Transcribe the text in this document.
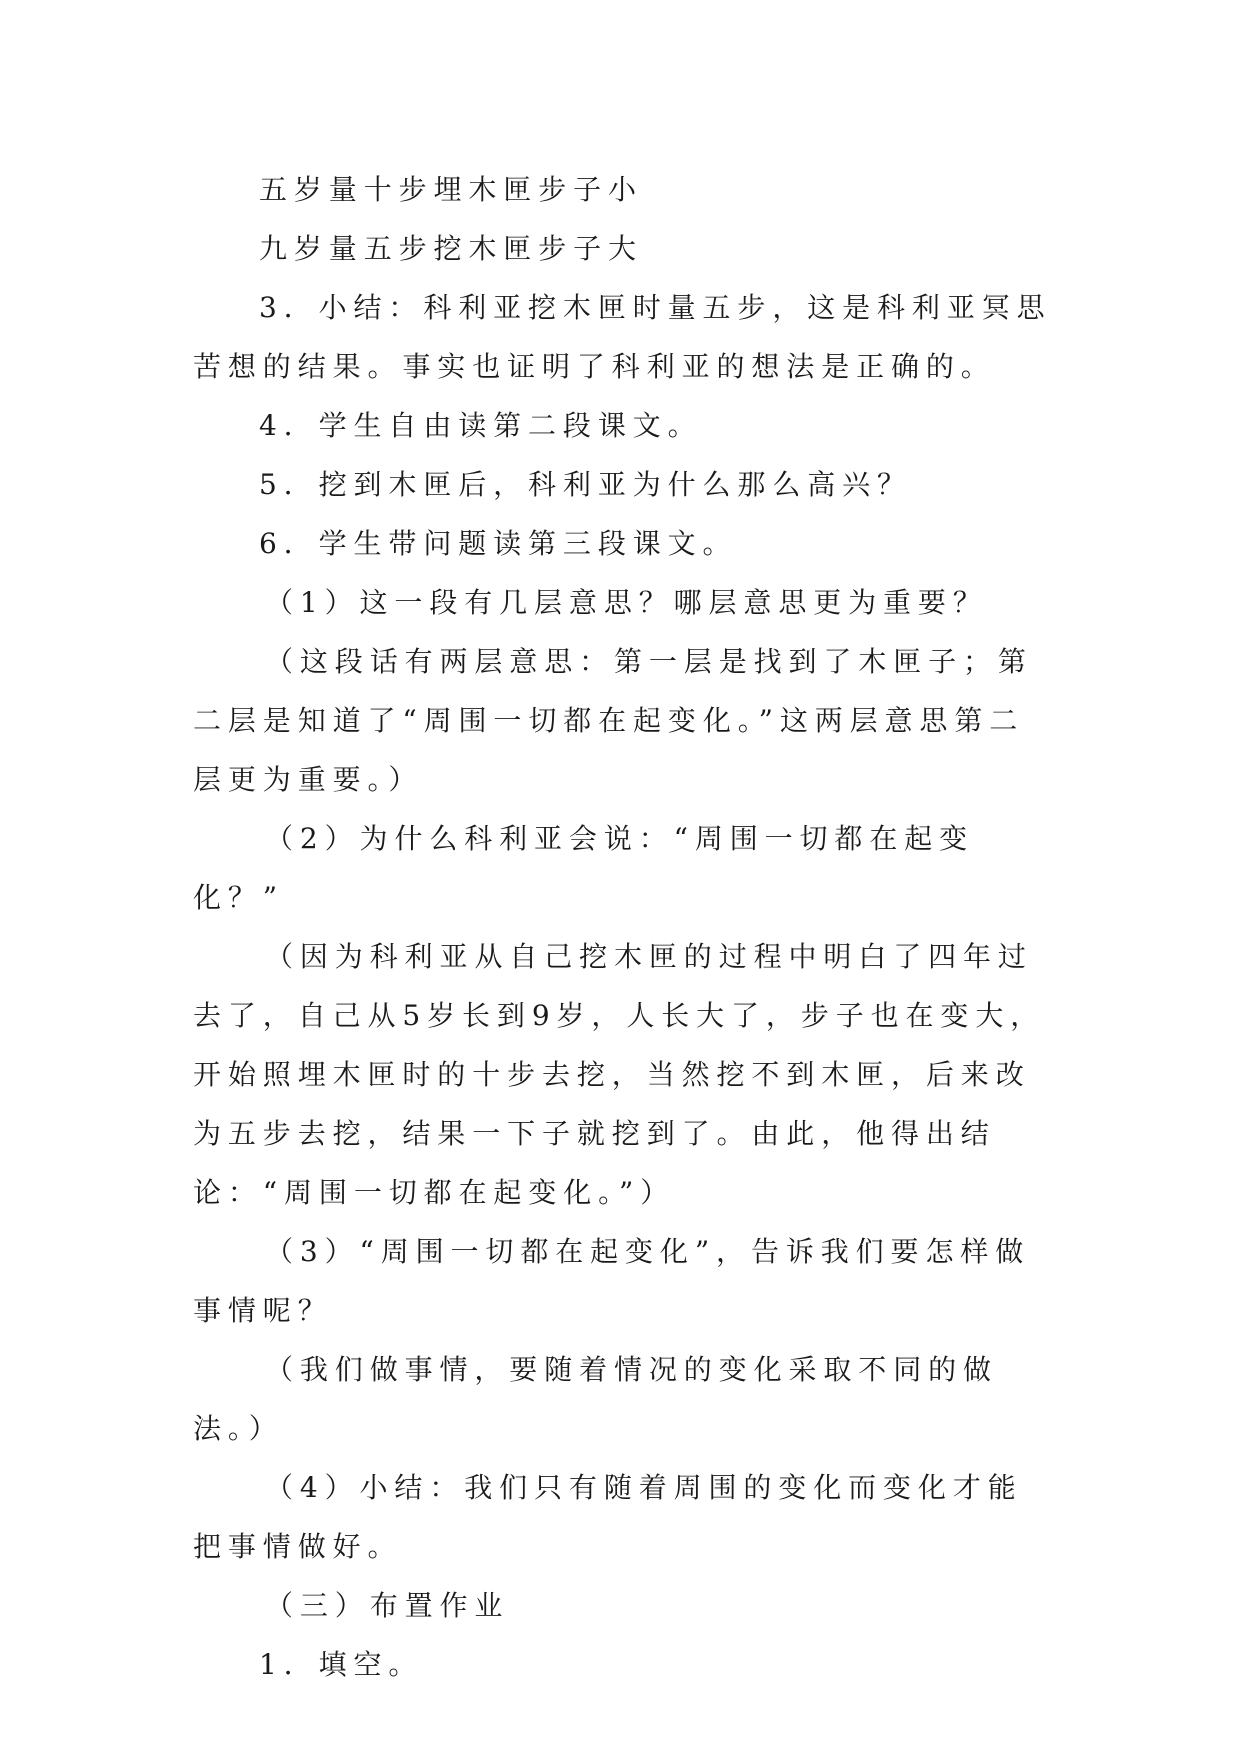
五岁量十步埋木匣步子小

九岁量五步挖木匣步子大

3．小结：科利亚挖木匣时量五步，这是科利亚冥思苦想的结果。事实也证明了科利亚的想法是正确的。

4．学生自由读第二段课文。

5．挖到木匣后，科利亚为什么那么高兴？

6．学生带问题读第三段课文。

（1）这一段有几层意思？哪层意思更为重要？

（这段话有两层意思：第一层是找到了木匣子；第二层是知道了“周围一切都在起变化。”这两层意思第二层更为重要。）

（2）为什么科利亚会说：“周围一切都在起变化？”

（因为科利亚从自己挖木匣的过程中明白了四年过去了，自己从5岁长到9岁，人长大了，步子也在变大，开始照埋木匣时的十步去挖，当然挖不到木匣，后来改为五步去挖，结果一下子就挖到了。由此，他得出结论：“周围一切都在起变化。”）

（3）“周围一切都在起变化”，告诉我们要怎样做事情呢？

（我们做事情，要随着情况的变化采取不同的做法。）

（4）小结：我们只有随着周围的变化而变化才能把事情做好。

（三）布置作业

1．填空。
